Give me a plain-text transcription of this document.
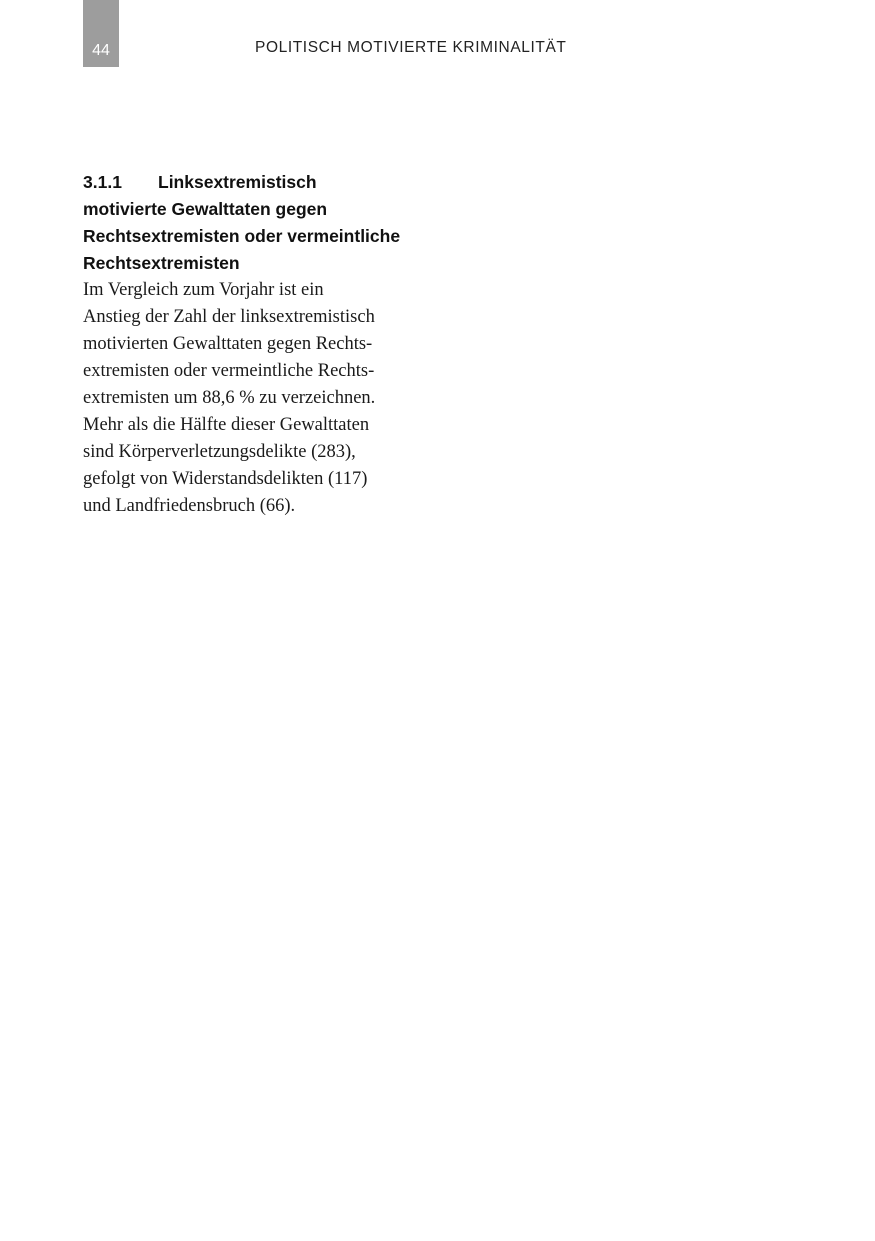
44	POLITISCH MOTIVIERTE KRIMINALITÄT
3.1.1 Linksextremistisch
motivierte Gewalttaten gegen
Rechtsextremisten oder vermeintliche
Rechtsextremisten

Im Vergleich zum Vorjahr ist ein
Anstieg der Zahl der linksextremistisch
motivierten Gewalttaten gegen Rechts-
extremisten oder vermeintliche Rechts-
extremisten um 88,6 % zu verzeichnen.
Mehr als die Hälfte dieser Gewalttaten
sind Körperverletzungsdelikte (283),
gefolgt von Widerstandsdelikten (117)
und Landfriedensbruch (66).
